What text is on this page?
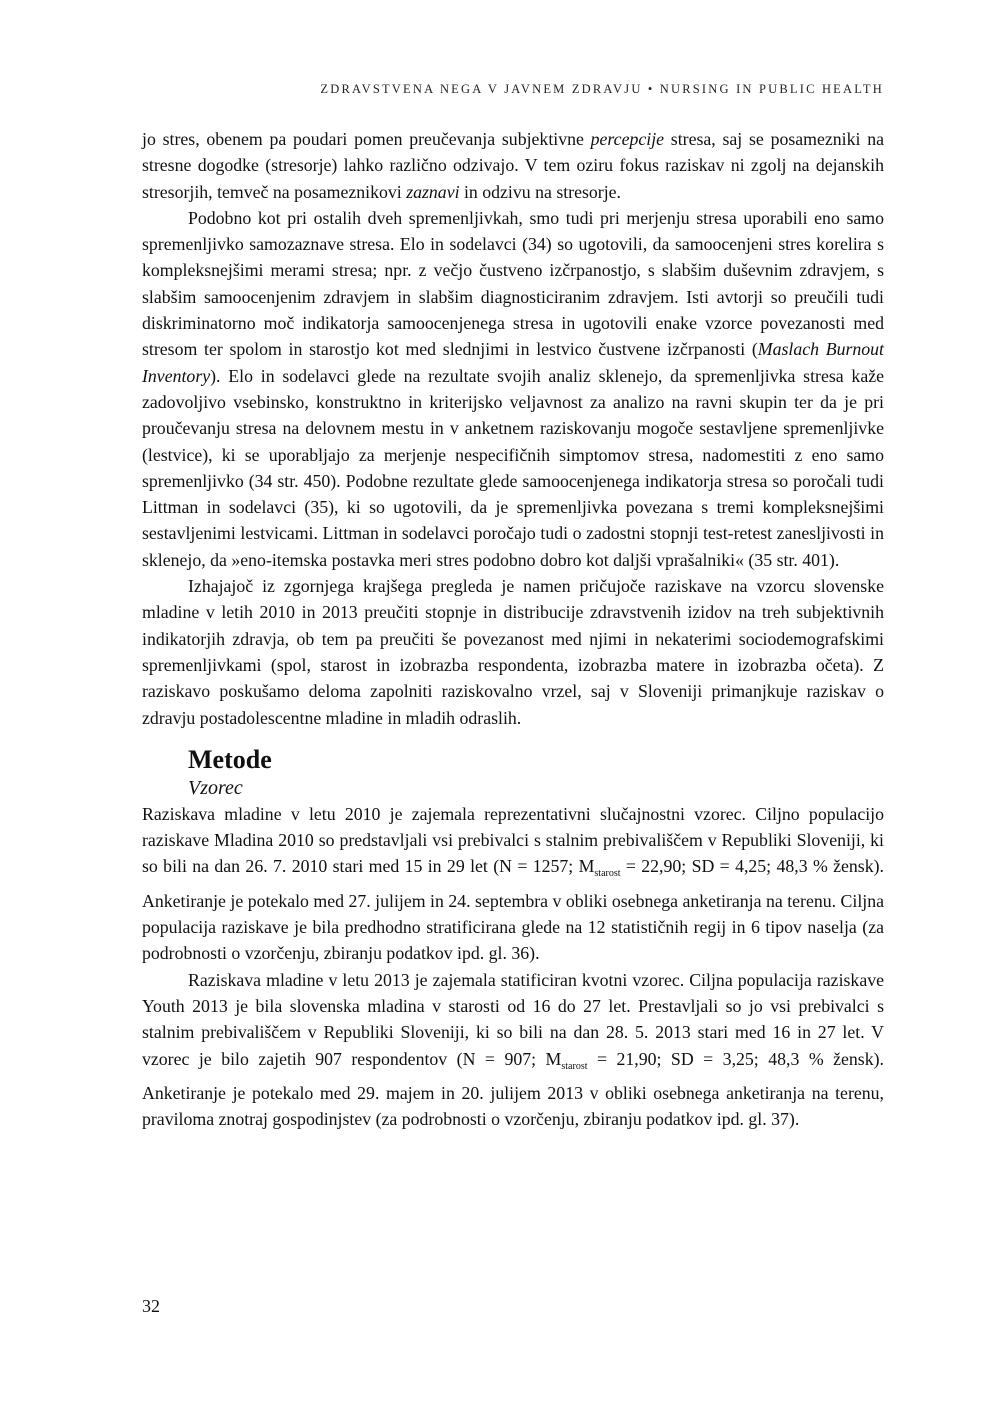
ZDRAVSTVENA NEGA V JAVNEM ZDRAVJU • NURSING IN PUBLIC HEALTH

jo stres, obenem pa poudari pomen preučevanja subjektivne percepcije stresa, saj se posamezniki na stresne dogodke (stresorje) lahko različno odzivajo. V tem oziru fokus raziskav ni zgolj na dejanskih stresorjih, temveč na posameznikovi zaznavi in odzivu na stresorje.

Podobno kot pri ostalih dveh spremenljivkah, smo tudi pri merjenju stresa uporabili eno samo spremenljivko samozaznave stresa. Elo in sodelavci (34) so ugotovili, da samoocenjeni stres korelira s kompleksnejšimi merami stresa; npr. z večjo čustveno izčrpanostjo, s slabšim duševnim zdravjem, s slabšim samoocenjenim zdravjem in slabšim diagnosticiranim zdravjem. Isti avtorji so preučili tudi diskriminatorno moč indikatorja samoocenjenega stresa in ugotovili enake vzorce povezanosti med stresom ter spolom in starostjo kot med slednjimi in lestvico čustvene izčrpanosti (Maslach Burnout Inventory). Elo in sodelavci glede na rezultate svojih analiz sklenejo, da spremenljivka stresa kaže zadovoljivo vsebinsko, konstruktno in kriterijsko veljavnost za analizo na ravni skupin ter da je pri proučevanju stresa na delovnem mestu in v anketnem raziskovanju mogoče sestavljene spremenljivke (lestvice), ki se uporabljajo za merjenje nespecifičnih simptomov stresa, nadomestiti z eno samo spremenljivko (34 str. 450). Podobne rezultate glede samoocenjenega indikatorja stresa so poročali tudi Littman in sodelavci (35), ki so ugotovili, da je spremenljivka povezana s tremi kompleksnejšimi sestavljenimi lestvicami. Littman in sodelavci poročajo tudi o zadostni stopnji test-retest zanesljivosti in sklenejo, da »eno-itemska postavka meri stres podobno dobro kot daljši vprašalniki« (35 str. 401).

Izhajajoč iz zgornjega krajšega pregleda je namen pričujoče raziskave na vzorcu slovenske mladine v letih 2010 in 2013 preučiti stopnje in distribucije zdravstvenih izidov na treh subjektivnih indikatorjih zdravja, ob tem pa preučiti še povezanost med njimi in nekaterimi sociodemografskimi spremenljivkami (spol, starost in izobrazba respondenta, izobrazba matere in izobrazba očeta). Z raziskavo poskušamo deloma zapolniti raziskovalno vrzel, saj v Sloveniji primanjkuje raziskav o zdravju postadolescentne mladine in mladih odraslih.

Metode
Vzorec

Raziskava mladine v letu 2010 je zajemala reprezentativni slučajnostni vzorec. Ciljno populacijo raziskave Mladina 2010 so predstavljali vsi prebivalci s stalnim prebivališčem v Republiki Sloveniji, ki so bili na dan 26. 7. 2010 stari med 15 in 29 let (N = 1257; $M_{starost} = 22,90$; SD = 4,25; 48,3 % žensk). Anketiranje je potekalo med 27. julijem in 24. septembra v obliki osebnega anketiranja na terenu. Ciljna populacija raziskave je bila predhodno stratificirana glede na 12 statističnih regij in 6 tipov naselja (za podrobnosti o vzorčenju, zbiranju podatkov ipd. gl. 36).

Raziskava mladine v letu 2013 je zajemala statificiran kvotni vzorec. Ciljna populacija raziskave Youth 2013 je bila slovenska mladina v starosti od 16 do 27 let. Prestavljali so jo vsi prebivalci s stalnim prebivališčem v Republiki Sloveniji, ki so bili na dan 28. 5. 2013 stari med 16 in 27 let. V vzorec je bilo zajetih 907 respondentov (N = 907; $M_{starost} = 21,90$; SD = 3,25; 48,3 % žensk). Anketiranje je potekalo med 29. majem in 20. julijem 2013 v obliki osebnega anketiranja na terenu, praviloma znotraj gospodinjstev (za podrobnosti o vzorčenju, zbiranju podatkov ipd. gl. 37).

32
